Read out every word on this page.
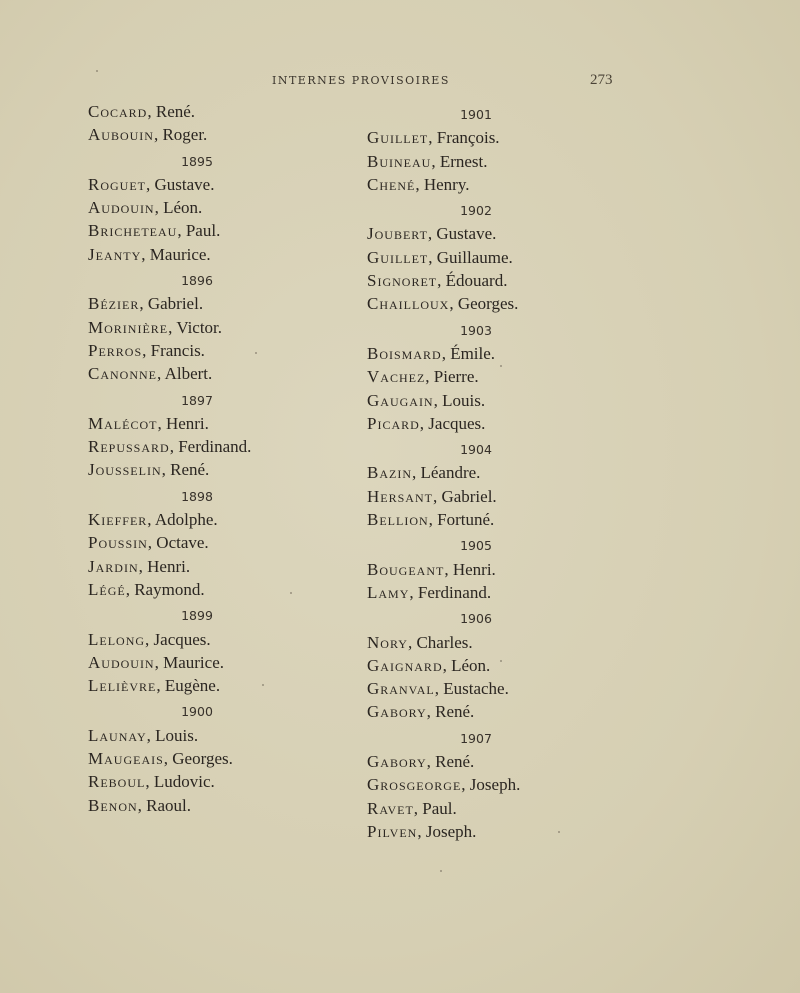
INTERNES PROVISOIRES	273
Cocard, René.
Aubouin, Roger.
1895
Roguet, Gustave.
Audouin, Léon.
Bricheteau, Paul.
Jeanty, Maurice.
1896
Bézier, Gabriel.
Morinière, Victor.
Perros, Francis.
Canonne, Albert.
1897
Malécot, Henri.
Repussard, Ferdinand.
Jousselin, René.
1898
Kieffer, Adolphe.
Poussin, Octave.
Jardin, Henri.
Légé, Raymond.
1899
Lelong, Jacques.
Audouin, Maurice.
Lelièvre, Eugène.
1900
Launay, Louis.
Maugeais, Georges.
Reboul, Ludovic.
Benon, Raoul.
1901
Guillet, François.
Buineau, Ernest.
Chené, Henry.
1902
Joubert, Gustave.
Guillet, Guillaume.
Signoret, Édouard.
Chailloux, Georges.
1903
Boismard, Émile.
Vachez, Pierre.
Gaugain, Louis.
Picard, Jacques.
1904
Bazin, Léandre.
Hersant, Gabriel.
Bellion, Fortuné.
1905
Bougeant, Henri.
Lamy, Ferdinand.
1906
Nory, Charles.
Gaignard, Léon.
Granval, Eustache.
Gabory, René.
1907
Gabory, René.
Grosgeorge, Joseph.
Ravet, Paul.
Pilven, Joseph.
